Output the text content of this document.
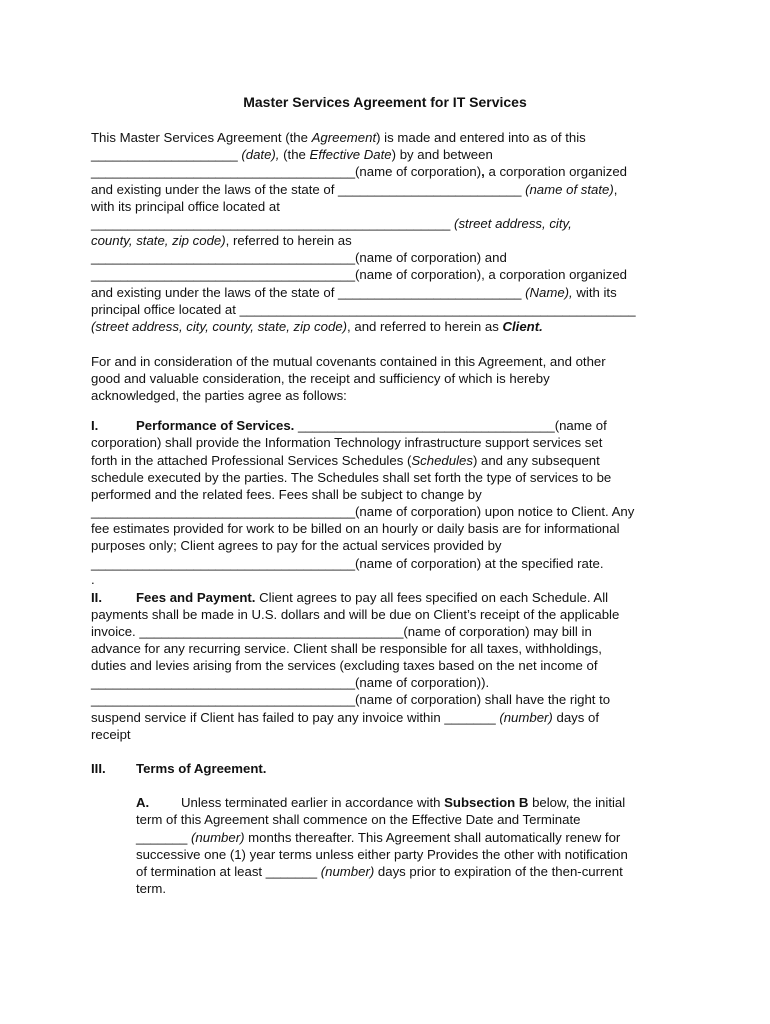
Master Services Agreement for IT Services
This Master Services Agreement (the Agreement) is made and entered into as of this
____________________ (date), (the Effective Date) by and between
____________________________________(name of corporation), a corporation organized
and existing under the laws of the state of _________________________ (name of state),
with its principal office located at
_________________________________________________ (street address, city,
county, state, zip code), referred to herein as
____________________________________(name of corporation) and
____________________________________(name of corporation), a corporation organized
and existing under the laws of the state of _________________________ (Name), with its
principal office located at ______________________________________________________
(street address, city, county, state, zip code), and referred to herein as Client.
For and in consideration of the mutual covenants contained in this Agreement, and other
good and valuable consideration, the receipt and sufficiency of which is hereby
acknowledged, the parties agree as follows:
I.	Performance of Services. ___________________________________(name of
corporation) shall provide the Information Technology infrastructure support services set
forth in the attached Professional Services Schedules (Schedules) and any subsequent
schedule executed by the parties. The Schedules shall set forth the type of services to be
performed and the related fees. Fees shall be subject to change by
____________________________________(name of corporation) upon notice to Client. Any
fee estimates provided for work to be billed on an hourly or daily basis are for informational
purposes only; Client agrees to pay for the actual services provided by
____________________________________(name of corporation) at the specified rate.
.
II.	Fees and Payment. Client agrees to pay all fees specified on each Schedule. All
payments shall be made in U.S. dollars and will be due on Client’s receipt of the applicable
invoice. ____________________________________(name of corporation) may bill in
advance for any recurring service. Client shall be responsible for all taxes, withholdings,
duties and levies arising from the services (excluding taxes based on the net income of
____________________________________(name of corporation)).
____________________________________(name of corporation) shall have the right to
suspend service if Client has failed to pay any invoice within _______ (number) days of
receipt
III. Terms of Agreement.
A. Unless terminated earlier in accordance with Subsection B below, the initial
term of this Agreement shall commence on the Effective Date and Terminate
_______ (number) months thereafter. This Agreement shall automatically renew for
successive one (1) year terms unless either party Provides the other with notification
of termination at least _______ (number) days prior to expiration of the then-current
term.
